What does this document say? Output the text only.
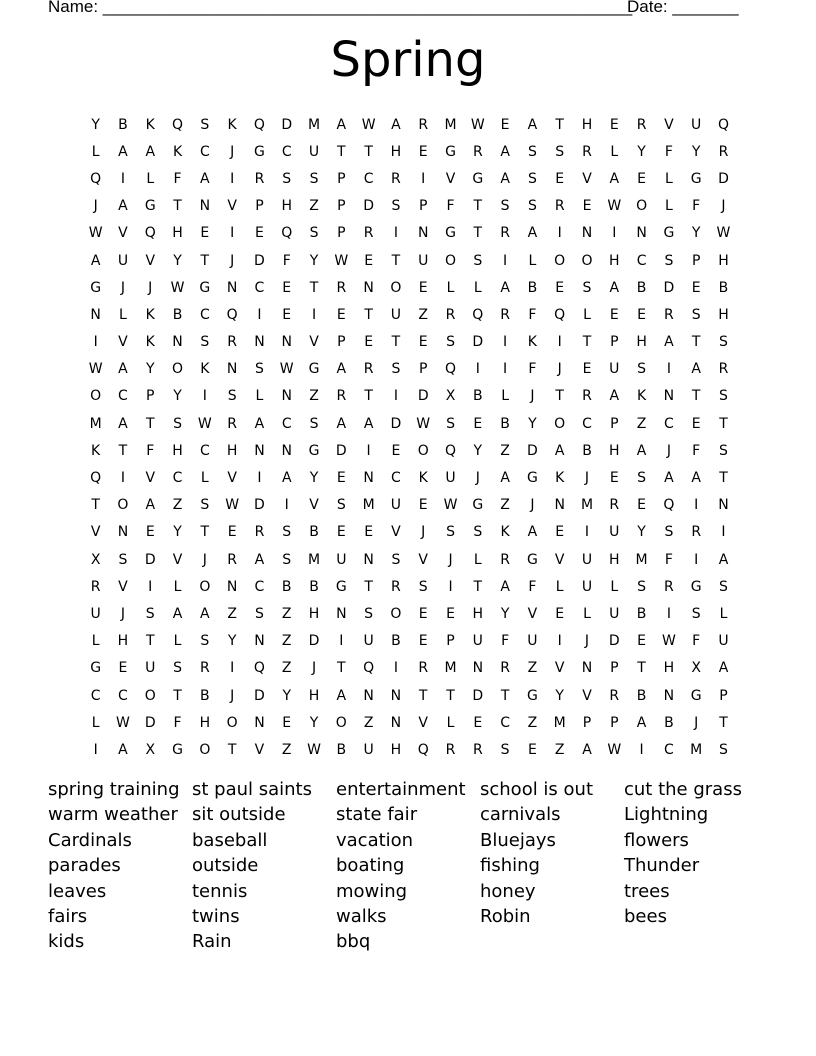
Name: ________________________________________________________
Date: _______
Spring
Y	B	K	Q	S	K	Q	D	M	A	W	A	R	M	W	E	A	T	H	E	R	V	U	Q
L	A	A	K	C	J	G	C	U	T	T	H	E	G	R	A	S	S	R	L	Y	F	Y	R
Q	I	L	F	A	I	R	S	S	P	C	R	I	V	G	A	S	E	V	A	E	L	G	D
J	A	G	T	N	V	P	H	Z	P	D	S	P	F	T	S	S	R	E	W	O	L	F	J
W	V	Q	H	E	I	E	Q	S	P	R	I	N	G	T	R	A	I	N	I	N	G	Y	W
A	U	V	Y	T	J	D	F	Y	W	E	T	U	O	S	I	L	O	O	H	C	S	P	H
G	J	J	W	G	N	C	E	T	R	N	O	E	L	L	A	B	E	S	A	B	D	E	B
N	L	K	B	C	Q	I	E	I	E	T	U	Z	R	Q	R	F	Q	L	E	E	R	S	H
I	V	K	N	S	R	N	N	V	P	E	T	E	S	D	I	K	I	T	P	H	A	T	S
W	A	Y	O	K	N	S	W	G	A	R	S	P	Q	I	I	F	J	E	U	S	I	A	R
O	C	P	Y	I	S	L	N	Z	R	T	I	D	X	B	L	J	T	R	A	K	N	T	S
M	A	T	S	W	R	A	C	S	A	A	D	W	S	E	B	Y	O	C	P	Z	C	E	T
K	T	F	H	C	H	N	N	G	D	I	E	O	Q	Y	Z	D	A	B	H	A	J	F	S
Q	I	V	C	L	V	I	A	Y	E	N	C	K	U	J	A	G	K	J	E	S	A	A	T
T	O	A	Z	S	W	D	I	V	S	M	U	E	W	G	Z	J	N	M	R	E	Q	I	N
V	N	E	Y	T	E	R	S	B	E	E	V	J	S	S	K	A	E	I	U	Y	S	R	I
X	S	D	V	J	R	A	S	M	U	N	S	V	J	L	R	G	V	U	H	M	F	I	A
R	V	I	L	O	N	C	B	B	G	T	R	S	I	T	A	F	L	U	L	S	R	G	S
U	J	S	A	A	Z	S	Z	H	N	S	O	E	E	H	Y	V	E	L	U	B	I	S	L
L	H	T	L	S	Y	N	Z	D	I	U	B	E	P	U	F	U	I	J	D	E	W	F	U
G	E	U	S	R	I	Q	Z	J	T	Q	I	R	M	N	R	Z	V	N	P	T	H	X	A
C	C	O	T	B	J	D	Y	H	A	N	N	T	T	D	T	G	Y	V	R	B	N	G	P
L	W	D	F	H	O	N	E	Y	O	Z	N	V	L	E	C	Z	M	P	P	A	B	J	T
I	A	X	G	O	T	V	Z	W	B	U	H	Q	R	R	S	E	Z	A	W	I	C	M	S
spring training
warm weather
Cardinals
parades
leaves
fairs
kids
st paul saints
sit outside
baseball
outside
tennis
twins
Rain
entertainment
state fair
vacation
boating
mowing
walks
bbq
school is out
carnivals
Bluejays
fishing
honey
Robin
cut the grass
Lightning
flowers
Thunder
trees
bees
